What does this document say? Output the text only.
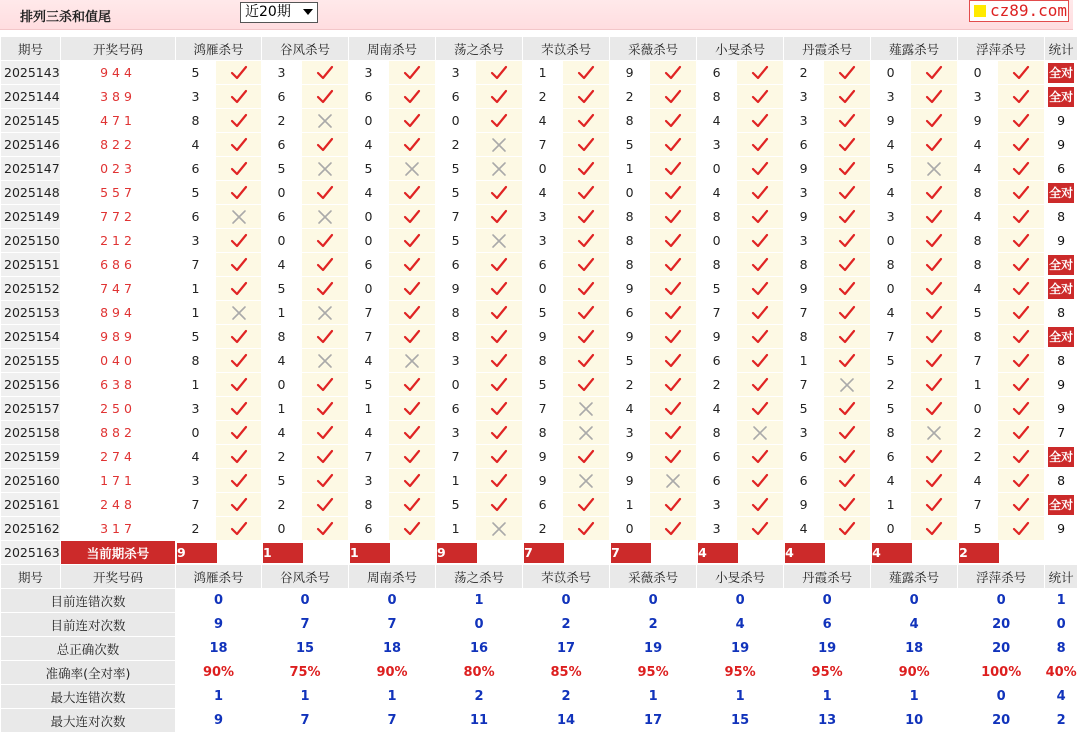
排列三杀和值尾	近20期	cz89.com
期号	开奖号码	鸿雁杀号		谷风杀号		周南杀号		荡之杀号		芣苡杀号		采薇杀号		小旻杀号		丹霞杀号		薤露杀号		浮萍杀号		统计
2025143	944	5		3		3		3		1		9		6		2		0		0		全对
2025144	389	3		6		6		6		2		2		8		3		3		3		全对
2025145	471	8		2		0		0		4		8		4		3		9		9		9
2025146	822	4		6		4		2		7		5		3		6		4		4		9
2025147	023	6		5		5		5		0		1		0		9		5		4		6
2025148	557	5		0		4		5		4		0		4		3		4		8		全对
2025149	772	6		6		0		7		3		8		8		9		3		4		8
2025150	212	3		0		0		5		3		8		0		3		0		8		9
2025151	686	7		4		6		6		6		8		8		8		8		8		全对
2025152	747	1		5		0		9		0		9		5		9		0		4		全对
2025153	894	1		1		7		8		5		6		7		7		4		5		8
2025154	989	5		8		7		8		9		9		9		8		7		8		全对
2025155	040	8		4		4		3		8		5		6		1		5		7		8
2025156	638	1		0		5		0		5		2		2		7		2		1		9
2025157	250	3		1		1		6		7		4		4		5		5		0		9
2025158	882	0		4		4		3		8		3		8		3		8		2		7
2025159	274	4		2		7		7		9		9		6		6		6		2		全对
2025160	171	3		5		3		1		9		9		6		6		4		4		8
2025161	248	7		2		8		5		6		1		3		9		1		7		全对
2025162	317	2		0		6		1		2		0		3		4		0		5		9
2025163	当前期杀号	9		1		1		9		7		7		4		4		4		2		
期号	开奖号码	鸿雁杀号		谷风杀号		周南杀号		荡之杀号		芣苡杀号		采薇杀号		小旻杀号		丹霞杀号		薤露杀号		浮萍杀号		统计
目前连错次数		0		0		0		1		0		0		0		0		0		0		1
目前连对次数		9		7		7		0		2		2		4		6		4		20		0
总正确次数		18		15		18		16		17		19		19		19		18		20		8
准确率(全对率)		90%		75%		90%		80%		85%		95%		95%		95%		90%		100%		40%
最大连错次数		1		1		1		2		2		1		1		1		1		0		4
最大连对次数		9		7		7		11		14		17		15		13		10		20		2
